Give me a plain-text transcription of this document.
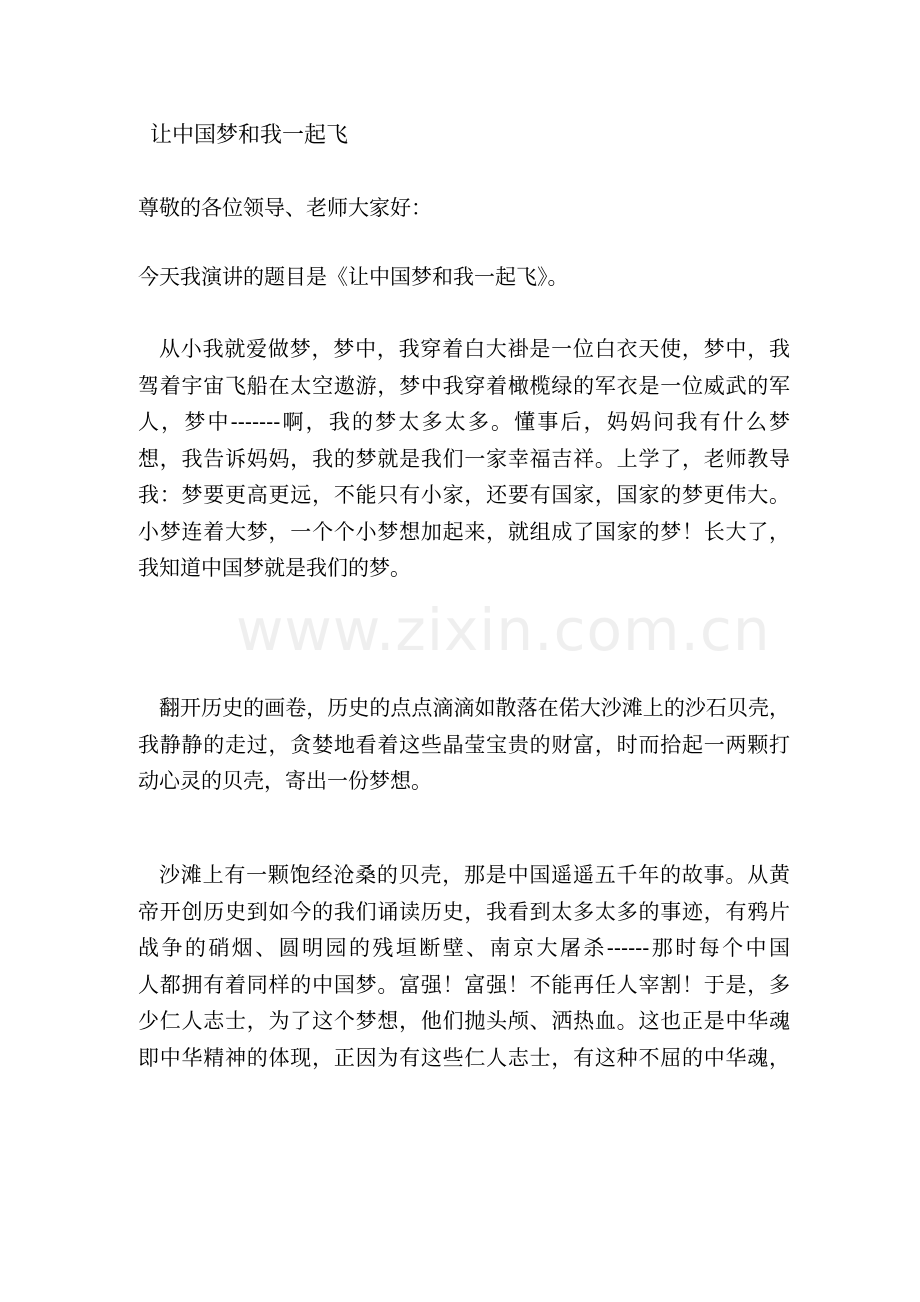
让中国梦和我一起飞

尊敬的各位领导、老师大家好：

今天我演讲的题目是《让中国梦和我一起飞》。

从小我就爱做梦，梦中，我穿着白大褂是一位白衣天使，梦中，我
驾着宇宙飞船在太空遨游，梦中我穿着橄榄绿的军衣是一位威武的军
人，梦中-------啊，我的梦太多太多。懂事后，妈妈问我有什么梦
想，我告诉妈妈，我的梦就是我们一家幸福吉祥。上学了，老师教导
我：梦要更高更远，不能只有小家，还要有国家，国家的梦更伟大。
小梦连着大梦，一个个小梦想加起来，就组成了国家的梦！长大了，
我知道中国梦就是我们的梦。
翻开历史的画卷，历史的点点滴滴如散落在偌大沙滩上的沙石贝壳，
我静静的走过，贪婪地看着这些晶莹宝贵的财富，时而拾起一两颗打
动心灵的贝壳，寄出一份梦想。
沙滩上有一颗饱经沧桑的贝壳，那是中国遥遥五千年的故事。从黄
帝开创历史到如今的我们诵读历史，我看到太多太多的事迹，有鸦片
战争的硝烟、圆明园的残垣断壁、南京大屠杀------那时每个中国
人都拥有着同样的中国梦。富强！富强！不能再任人宰割！于是，多
少仁人志士，为了这个梦想，他们抛头颅、洒热血。这也正是中华魂
即中华精神的体现，正因为有这些仁人志士，有这种不屈的中华魂，
www.zixin.com.cn
